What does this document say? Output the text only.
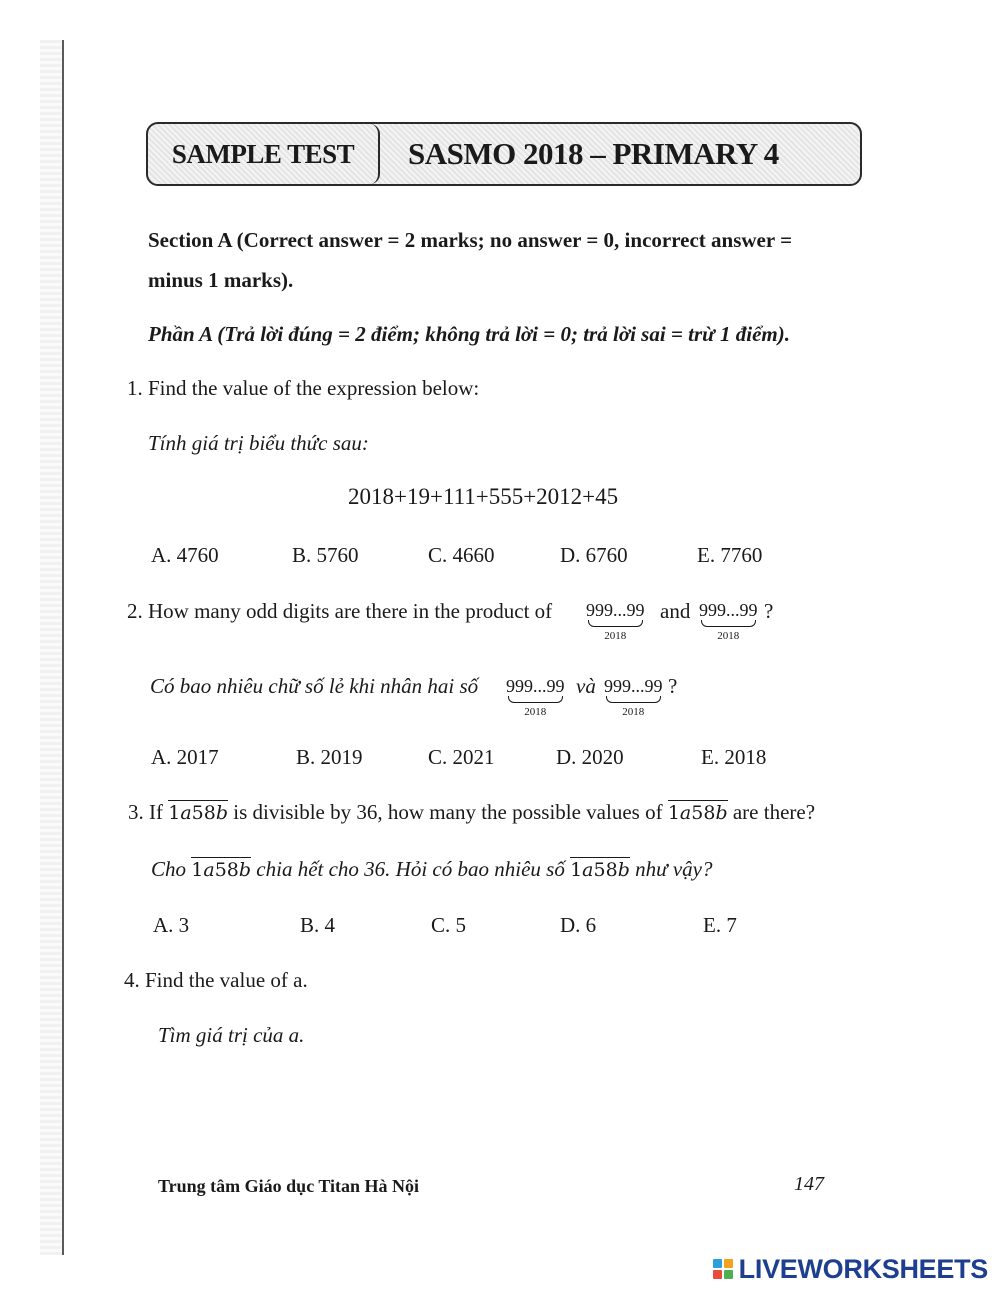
SAMPLE TEST	SASMO 2018 – PRIMARY 4
Section A (Correct answer = 2 marks; no answer = 0, incorrect answer =
minus 1 marks).
Phần A (Trả lời đúng = 2 điểm; không trả lời = 0; trả lời sai = trừ 1 điểm).
1. Find the value of the expression below:
Tính giá trị biểu thức sau:
2018+19+111+555+2012+45
A. 4760	B. 5760	C. 4660	D. 6760	E. 7760
2. How many odd digits are there in the product of 999...99
2018
and 999...99
2018
?
Có bao nhiêu chữ số lẻ khi nhân hai số 999...99
2018
và 999...99
2018
?
A. 2017	B. 2019	C. 2021	D. 2020	E. 2018
3. If 1a58b is divisible by 36, how many the possible values of 1a58b are there?
Cho 1a58b chia hết cho 36. Hỏi có bao nhiêu số 1a58b như vậy?
A. 3	B. 4	C. 5	D. 6	E. 7
4. Find the value of a.
Tìm giá trị của a.
Trung tâm Giáo dục Titan Hà Nội	147
LIVEWORKSHEETS
